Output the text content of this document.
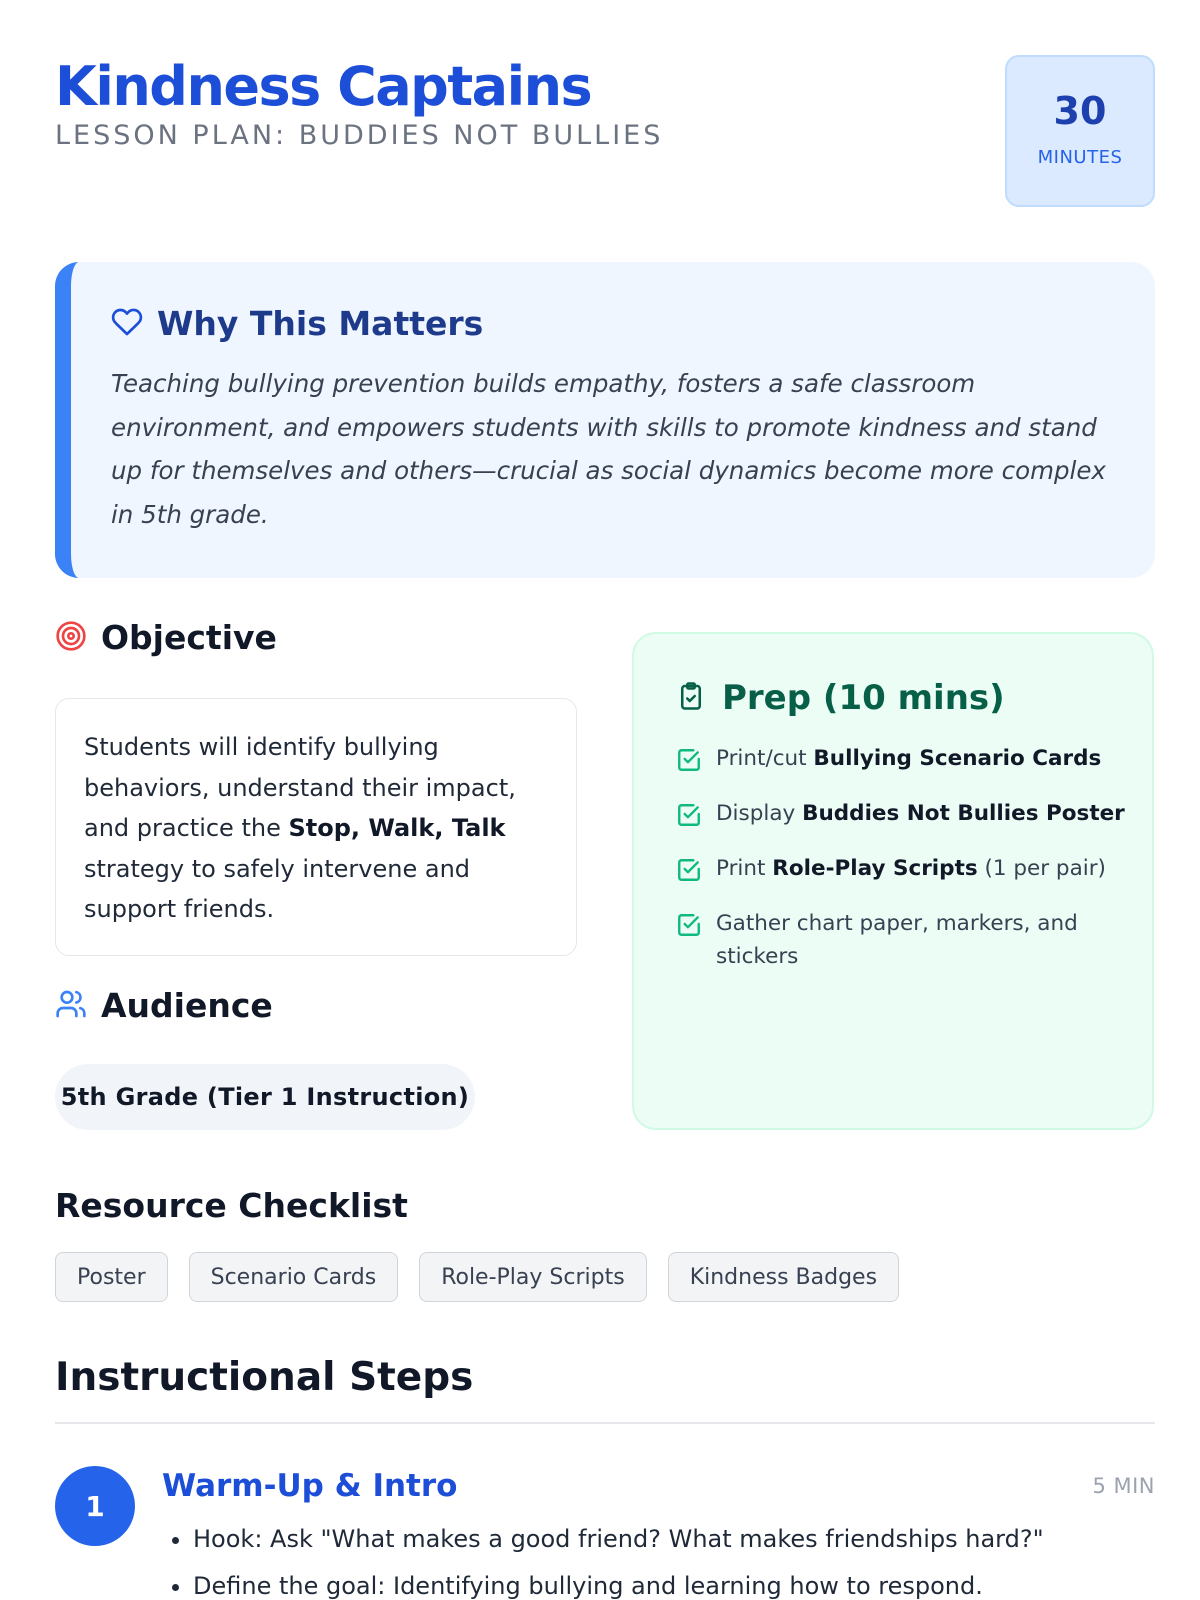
Kindness Captains
LESSON PLAN: BUDDIES NOT BULLIES
30
MINUTES
Why This Matters
Teaching bullying prevention builds empathy, fosters a safe classroom environment, and empowers students with skills to promote kindness and stand up for themselves and others—crucial as social dynamics become more complex in 5th grade.
Objective
Students will identify bullying behaviors, understand their impact, and practice the Stop, Walk, Talk strategy to safely intervene and support friends.
Audience
5th Grade (Tier 1 Instruction)
Prep (10 mins)
Print/cut Bullying Scenario Cards
Display Buddies Not Bullies Poster
Print Role-Play Scripts (1 per pair)
Gather chart paper, markers, and stickers
Resource Checklist
Poster	Scenario Cards	Role-Play Scripts	Kindness Badges
Instructional Steps
1
Warm-Up & Intro	5 MIN
• Hook: Ask "What makes a good friend? What makes friendships hard?"
• Define the goal: Identifying bullying and learning how to respond.
